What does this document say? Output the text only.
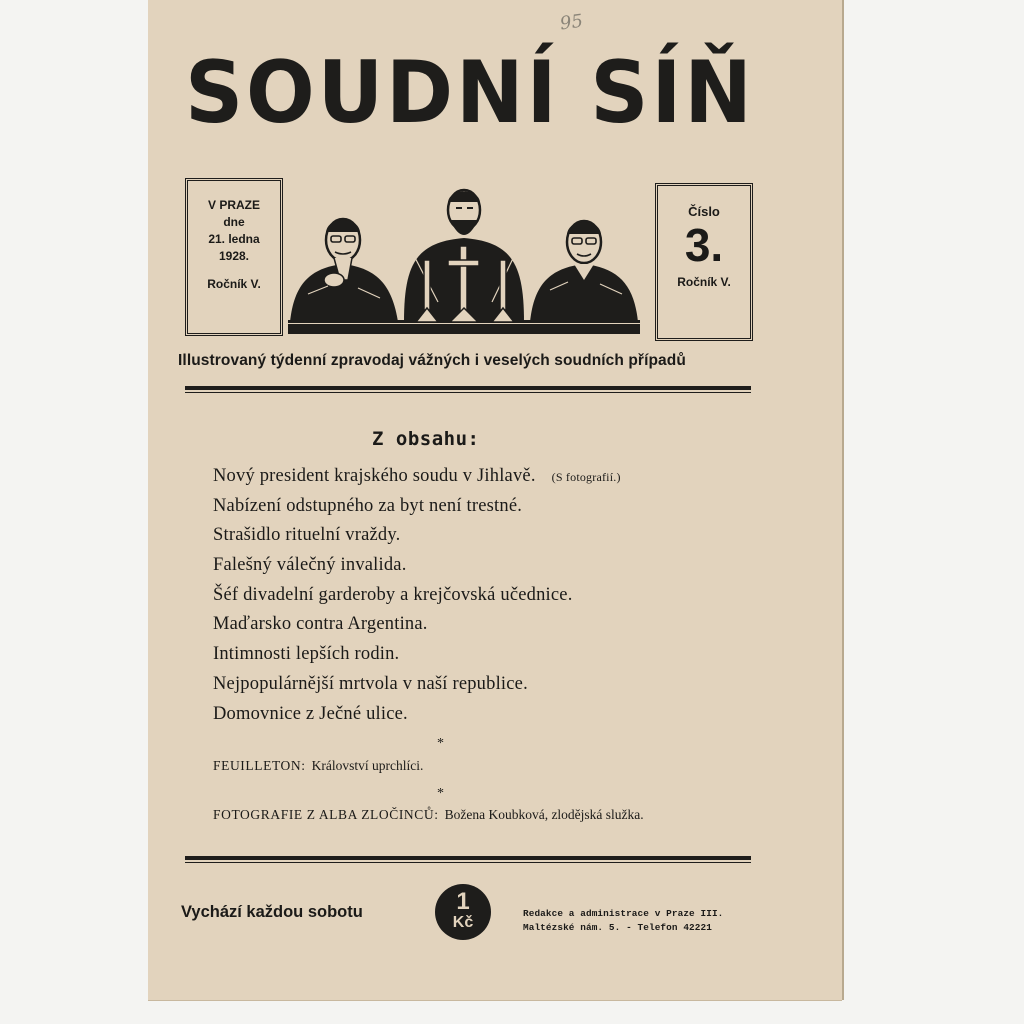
95
SOUDNÍ SÍŇ
V PRAZE
dne
21. ledna
1928.
Ročník V.
Číslo
3.
Ročník V.
Illustrovaný týdenní zpravodaj vážných i veselých soudních případů
Z obsahu:
Nový president krajského soudu v Jihlavě. (S fotografií.)
Nabízení odstupného za byt není trestné.
Strašidlo rituelní vraždy.
Falešný válečný invalida.
Šéf divadelní garderoby a krejčovská učednice.
Maďarsko contra Argentina.
Intimnosti lepších rodin.
Nejpopulárnější mrtvola v naší republice.
Domovnice z Ječné ulice.
*
FEUILLETON: Království uprchlíci.
*
FOTOGRAFIE Z ALBA ZLOČINCŮ: Božena Koubková, zlodějská služka.
Vychází každou sobotu	1
Kč
Redakce a administrace v Praze III.
Maltézské nám. 5. - Telefon 42221
